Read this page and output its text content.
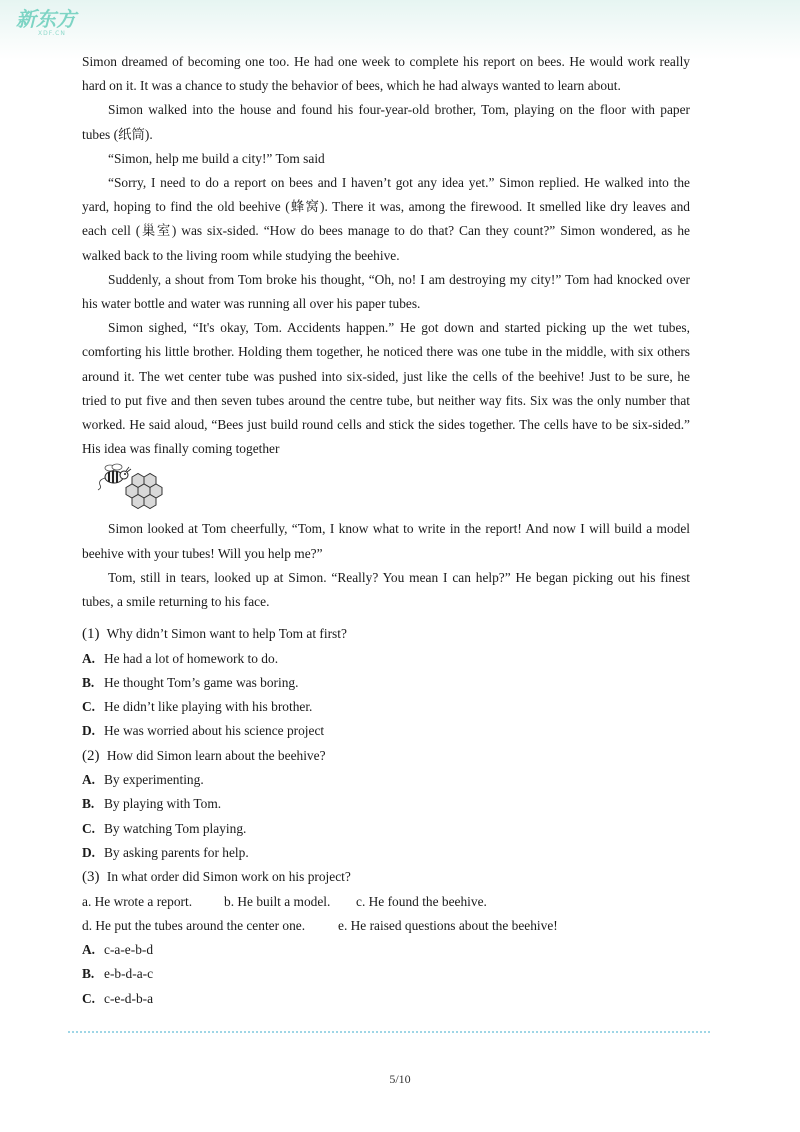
新东方
XDF.CN

Simon dreamed of becoming one too. He had one week to complete his report on bees. He would work really hard on it. It was a chance to study the behavior of bees, which he had always wanted to learn about.

Simon walked into the house and found his four-year-old brother, Tom, playing on the floor with paper tubes (纸筒).

“Simon, help me build a city!” Tom said

“Sorry, I need to do a report on bees and I haven’t got any idea yet.” Simon replied. He walked into the yard, hoping to find the old beehive (蜂窝). There it was, among the firewood. It smelled like dry leaves and each cell (巢室) was six-sided. “How do bees manage to do that? Can they count?” Simon wondered, as he walked back to the living room while studying the beehive.

Suddenly, a shout from Tom broke his thought, “Oh, no! I am destroying my city!” Tom had knocked over his water bottle and water was running all over his paper tubes.

Simon sighed, “It's okay, Tom. Accidents happen.” He got down and started picking up the wet tubes, comforting his little brother. Holding them together, he noticed there was one tube in the middle, with six others around it. The wet center tube was pushed into six-sided, just like the cells of the beehive! Just to be sure, he tried to put five and then seven tubes around the centre tube, but neither way fits. Six was the only number that worked. He said aloud, “Bees just build round cells and stick the sides together. The cells have to be six-sided.” His idea was finally coming together

Simon looked at Tom cheerfully, “Tom, I know what to write in the report! And now I will build a model beehive with your tubes! Will you help me?”

Tom, still in tears, looked up at Simon. “Really? You mean I can help?” He began picking out his finest tubes, a smile returning to his face.

(1) Why didn’t Simon want to help Tom at first?

A. He had a lot of homework to do.

B. He thought Tom’s game was boring.

C. He didn’t like playing with his brother.

D. He was worried about his science project

(2) How did Simon learn about the beehive?

A. By experimenting.

B. By playing with Tom.

C. By watching Tom playing.

D. By asking parents for help.

(3) In what order did Simon work on his project?

a. He wrote a report. b. He built a model. c. He found the beehive.

d. He put the tubes around the center one. e. He raised questions about the beehive!

A. c-a-e-b-d

B. e-b-d-a-c

C. c-e-d-b-a

5/10
